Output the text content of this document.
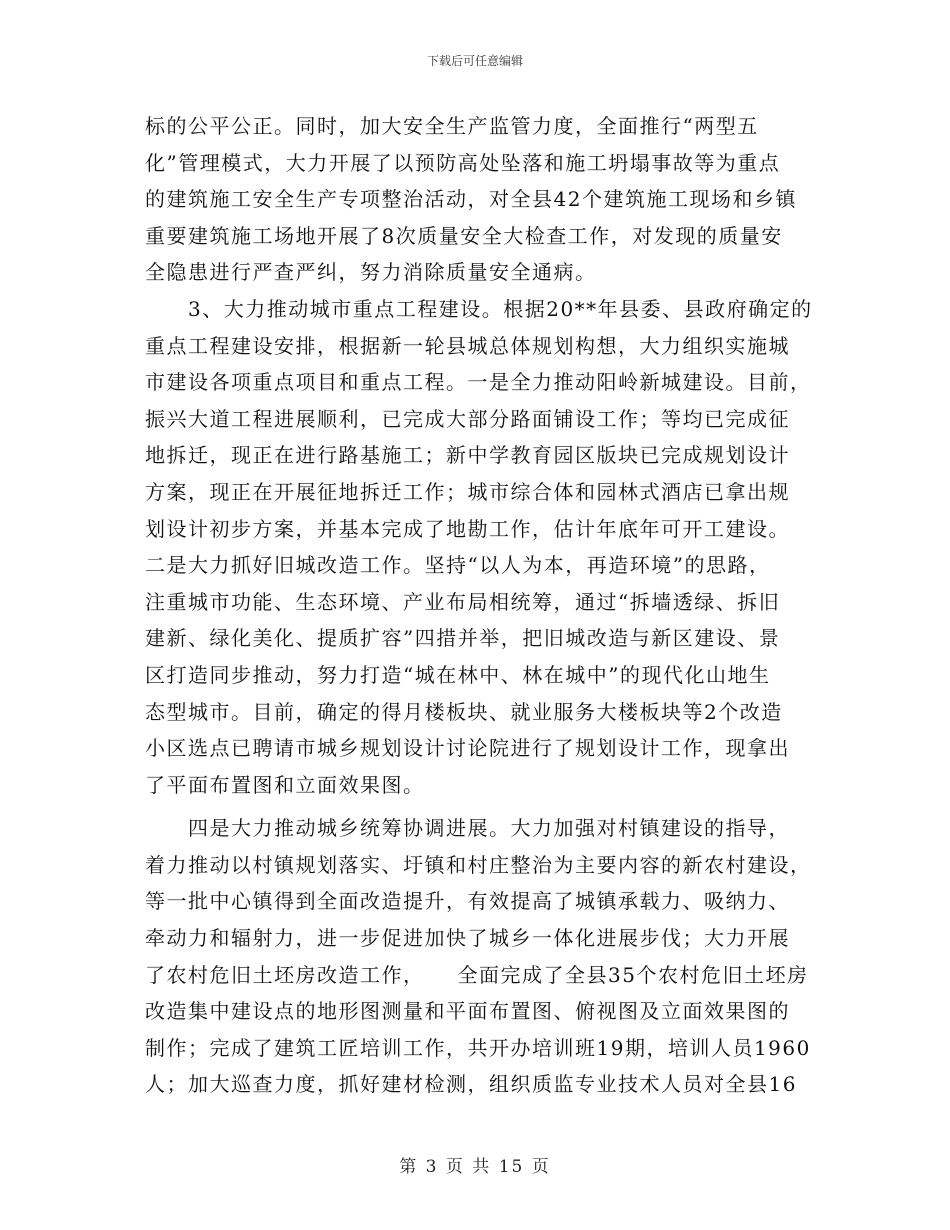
下载后可任意编辑
标的公平公正。同时，加大安全生产监管力度，全面推行“两型五
化”管理模式，大力开展了以预防高处坠落和施工坍塌事故等为重点
的建筑施工安全生产专项整治活动，对全县42个建筑施工现场和乡镇
重要建筑施工场地开展了8次质量安全大检查工作，对发现的质量安
全隐患进行严查严纠，努力消除质量安全通病。
　　3、大力推动城市重点工程建设。根据20**年县委、县政府确定的
重点工程建设安排，根据新一轮县城总体规划构想，大力组织实施城
市建设各项重点项目和重点工程。一是全力推动阳岭新城建设。目前，
振兴大道工程进展顺利，已完成大部分路面铺设工作；等均已完成征
地拆迁，现正在进行路基施工；新中学教育园区版块已完成规划设计
方案，现正在开展征地拆迁工作；城市综合体和园林式酒店已拿出规
划设计初步方案，并基本完成了地勘工作，估计年底年可开工建设。
二是大力抓好旧城改造工作。坚持“以人为本，再造环境”的思路，
注重城市功能、生态环境、产业布局相统筹，通过“拆墙透绿、拆旧
建新、绿化美化、提质扩容”四措并举，把旧城改造与新区建设、景
区打造同步推动，努力打造“城在林中、林在城中”的现代化山地生
态型城市。目前，确定的得月楼板块、就业服务大楼板块等2个改造
小区选点已聘请市城乡规划设计讨论院进行了规划设计工作，现拿出
了平面布置图和立面效果图。
　　四是大力推动城乡统筹协调进展。大力加强对村镇建设的指导，
着力推动以村镇规划落实、圩镇和村庄整治为主要内容的新农村建设，
等一批中心镇得到全面改造提升，有效提高了城镇承载力、吸纳力、
牵动力和辐射力，进一步促进加快了城乡一体化进展步伐；大力开展
了农村危旧土坯房改造工作，　　全面完成了全县35个农村危旧土坯房
改造集中建设点的地形图测量和平面布置图、俯视图及立面效果图的
制作；完成了建筑工匠培训工作，共开办培训班19期，培训人员1960
人；加大巡查力度，抓好建材检测，组织质监专业技术人员对全县16
第 3 页 共 15 页
